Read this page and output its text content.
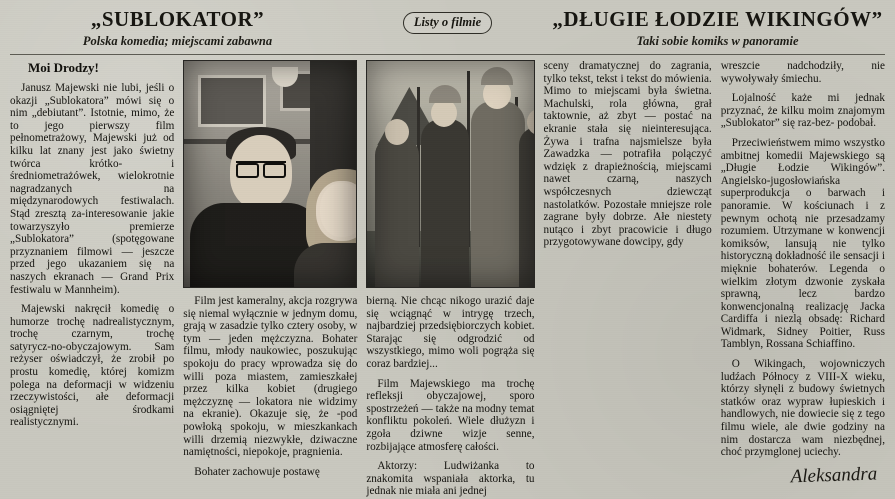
„SUBLOKATOR”
Polska komedia; miejscami zabawna
Listy o filmie	„DŁUGIE ŁODZIE WIKINGÓW”
Taki sobie komiks w panoramie
Moi Drodzy!

Janusz Majewski nie lubi, jeśli o okazji „Sublokatora” mówi się o nim „debiutant”. Istotnie, mimo, że to jego pierwszy film pełnometrażowy, Majewski już od kilku lat znany jest jako świetny twórca krótko- i średniometrażówek, wielokrotnie nagradzanych na międzynarodowych festiwalach. Stąd zresztą za‑interesowanie jakie towarzyszyło premierze „Sublokatora” (spotęgowane przyznaniem filmowi — jeszcze przed jego ukazaniem się na naszych ekranach — Grand Prix festiwalu w Mannheim).

Majewski nakręcił komedię o humorze trochę nadrealistycznym, trochę czarnym, trochę satyrycz‑no‑obyczajowym. Sam reżyser oświadczył, że zrobił po prostu komedię, której komizm polega na deformacji w widzeniu rzeczywistości, ałe deformacji osiągniętej środkami realistycznymi.

Film jest kameralny, akcja rozgrywa się niemal wyłącznie w jednym domu, grają w zasadzie tylko cztery osoby, w tym — jeden mężczyzna. Bohater filmu, młody naukowiec, poszukując spokoju do pracy wprowadza się do willi poza miastem, zamieszkałej przez kilka kobiet (drugiego mężczyznę — lokatora nie widzimy na ekranie). Okazuje się, że ‑pod powłoką spokoju, w mieszkankach willi drzemią niezwykłe, dziwaczne namiętności, niepokoje, pragnienia.

Bohater zachowuje postawę

bierną. Nie chcąc nikogo urazić daje się wciągnąć w intrygę trzech, najbardziej przedsiębiorczych kobiet. Starając się odgrodzić od wszystkiego, mimo woli pogrąża się coraz bardziej...

Film Majewskiego ma trochę refleksji obyczajowej, sporo spostrzeżeń — także na modny temat konfliktu pokoleń. Wiele dłużyzn i zgoła dziwne wizje senne, rozbijające atmosferę całości.

Aktorzy: Ludwiżanka to znakomita wspaniała aktorka, tu jednak nie miała ani jednej

sceny dramatycznej do zagrania, tylko tekst, tekst i tekst do mówienia. Mimo to miejscami była świetna. Machulski, rola główna, grał taktownie, aż zbyt — postać na ekranie stała się nieinteresująca. Żywa i trafna najsmielsze była Zawadzka — potrafiła polączyć wdzięk z drapieżnością, miejscami nawet czarną, naszych współczesnych dziewcząt nastolatków. Pozostałe mniejsze role zagrane były dobrze. Ałe niestety nutąco i zbyt pracowicie i długo przygotowywane dowcipy, gdy

wreszcie nadchodziły, nie wywoływały śmiechu.

Lojalność każe mi jednak przyznać, że kilku moim znajomym „Sublokator” się raz‑bez‑ podobał.

Przeciwieństwem mimo wszystko ambitnej komedii Majewskiego są „Długie Łodzie Wikingów”. Angielsko‑jugosłowiańska superprodukcja o barwach i panoramie. W kościunach i z pewnym ochotą nie przesadzamy rozumiem. Utrzymane w konwencji komiksów, lansują nie tylko historyczną dokładność ile sensacji i mięknie bohaterów. Legenda o wielkim złotym dzwonie zyskała sprawną, lecz bardzo konwencjonalną realizację Jacka Cardiffa i niezlą obsadę: Richard Widmark, Sidney Poitier, Russ Tamblyn, Rossana Schiaffino.

O Wikingach, wojowniczych ludźach Północy z VIII‑X wieku, którzy słynęli z budowy świetnych statków oraz wypraw łupieskich i handlowych, nie dowiecie się z tego filmu wiele, ale dwie godziny na nim dostarcza wam niezbędnej, choć przymglonej uciechy.

Aleksandra
